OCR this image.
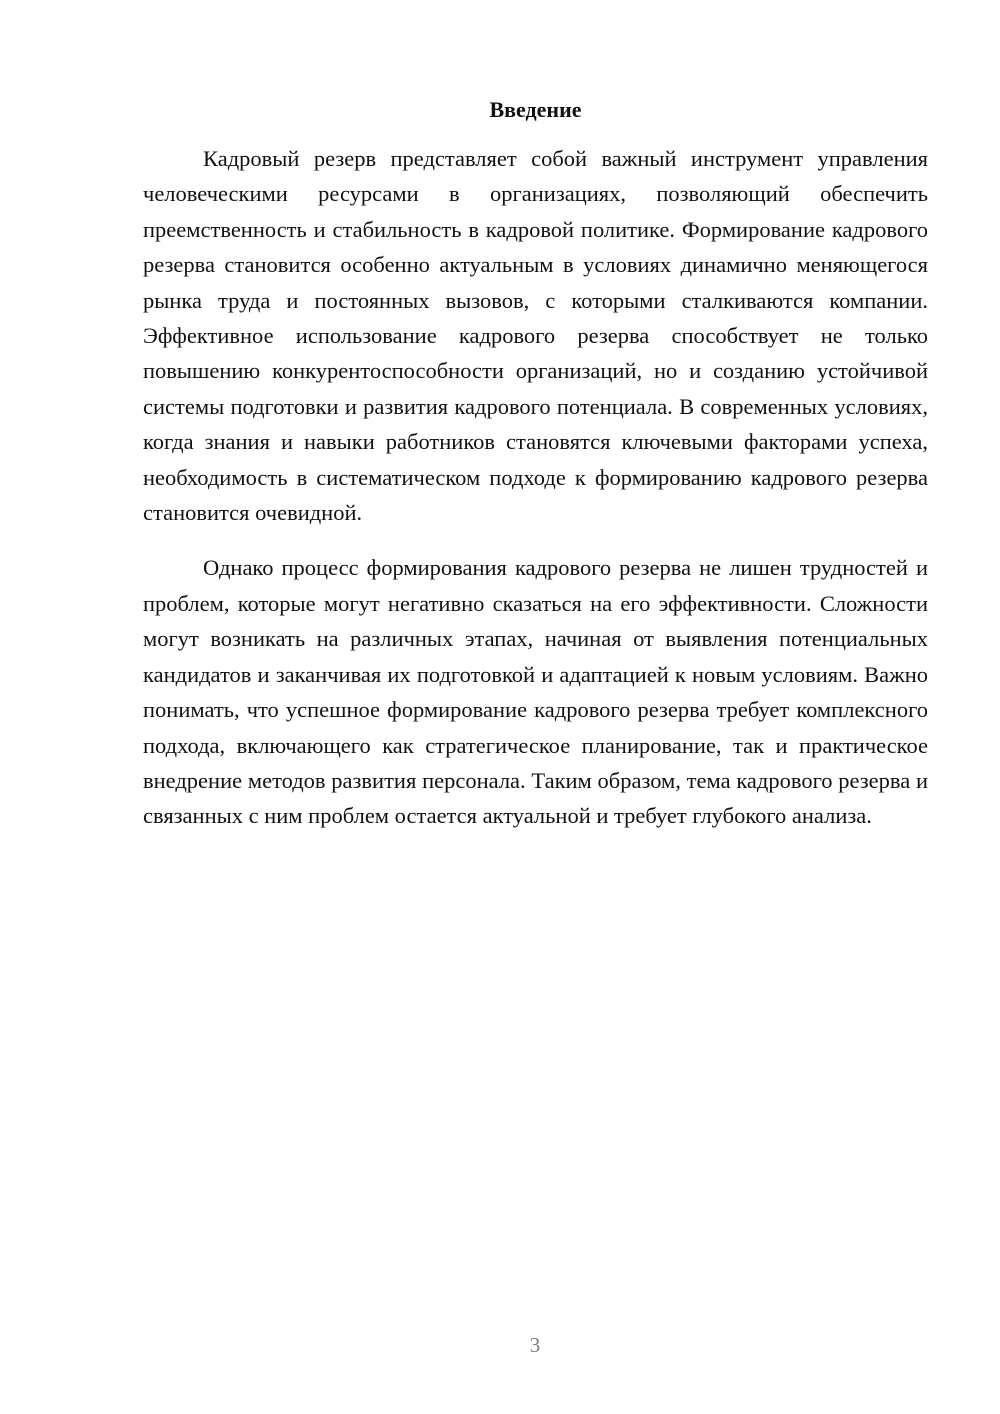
Введение

Кадровый резерв представляет собой важный инструмент управления человеческими ресурсами в организациях, позволяющий обеспечить преемственность и стабильность в кадровой политике. Формирование кадрового резерва становится особенно актуальным в условиях динамично меняющегося рынка труда и постоянных вызовов, с которыми сталкиваются компании. Эффективное использование кадрового резерва способствует не только повышению конкурентоспособности организаций, но и созданию устойчивой системы подготовки и развития кадрового потенциала. В современных условиях, когда знания и навыки работников становятся ключевыми факторами успеха, необходимость в систематическом подходе к формированию кадрового резерва становится очевидной.

Однако процесс формирования кадрового резерва не лишен трудностей и проблем, которые могут негативно сказаться на его эффективности. Сложности могут возникать на различных этапах, начиная от выявления потенциальных кандидатов и заканчивая их подготовкой и адаптацией к новым условиям. Важно понимать, что успешное формирование кадрового резерва требует комплексного подхода, включающего как стратегическое планирование, так и практическое внедрение методов развития персонала. Таким образом, тема кадрового резерва и связанных с ним проблем остается актуальной и требует глубокого анализа.

3
